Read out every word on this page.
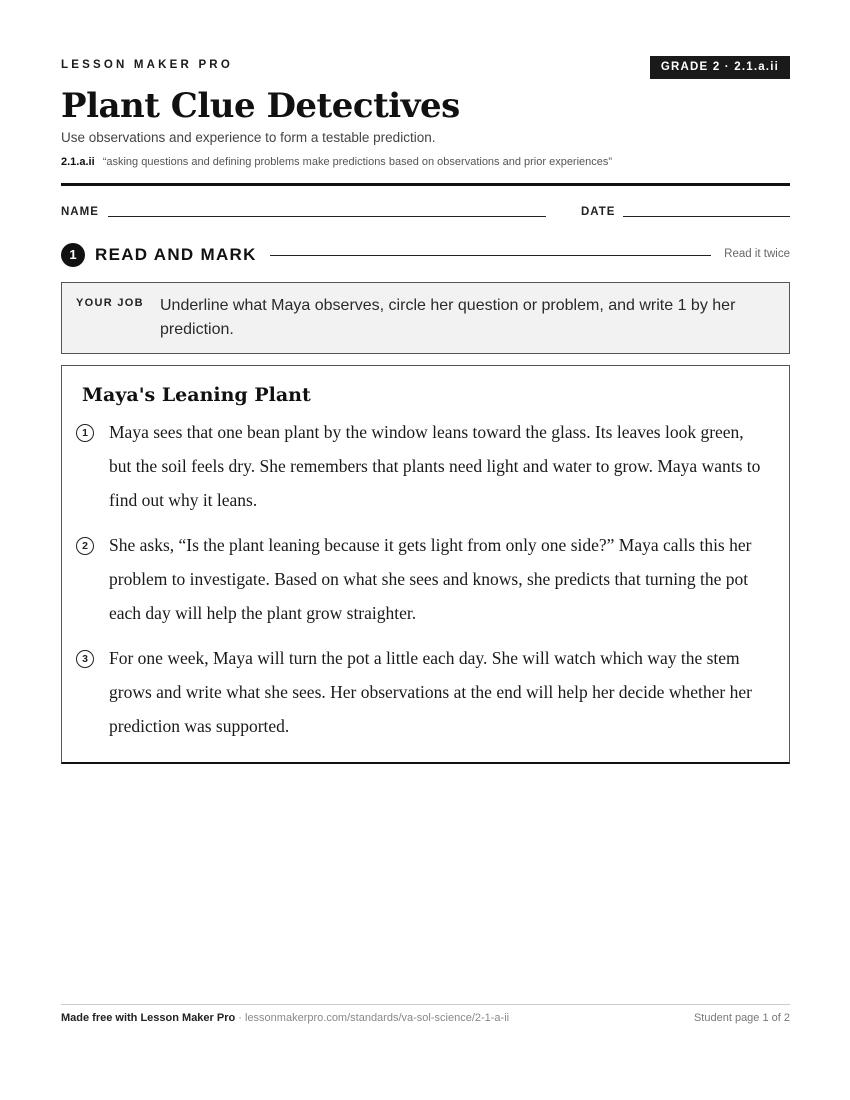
LESSON MAKER PRO	GRADE 2 · 2.1.a.ii
Plant Clue Detectives
Use observations and experience to form a testable prediction.
2.1.a.ii “asking questions and defining problems make predictions based on observations and prior experiences”
NAME	DATE
1	READ AND MARK	Read it twice
YOUR JOB Underline what Maya observes, circle her question or problem, and write 1 by her prediction.
Maya's Leaning Plant
1	Maya sees that one bean plant by the window leans toward the glass. Its leaves look green, but the soil feels dry. She remembers that plants need light and water to grow. Maya wants to find out why it leans.
2	She asks, “Is the plant leaning because it gets light from only one side?” Maya calls this her problem to investigate. Based on what she sees and knows, she predicts that turning the pot each day will help the plant grow straighter.
3	For one week, Maya will turn the pot a little each day. She will watch which way the stem grows and write what she sees. Her observations at the end will help her decide whether her prediction was supported.
Made free with Lesson Maker Pro · lessonmakerpro.com/standards/va-sol-science/2-1-a-ii	Student page 1 of 2
